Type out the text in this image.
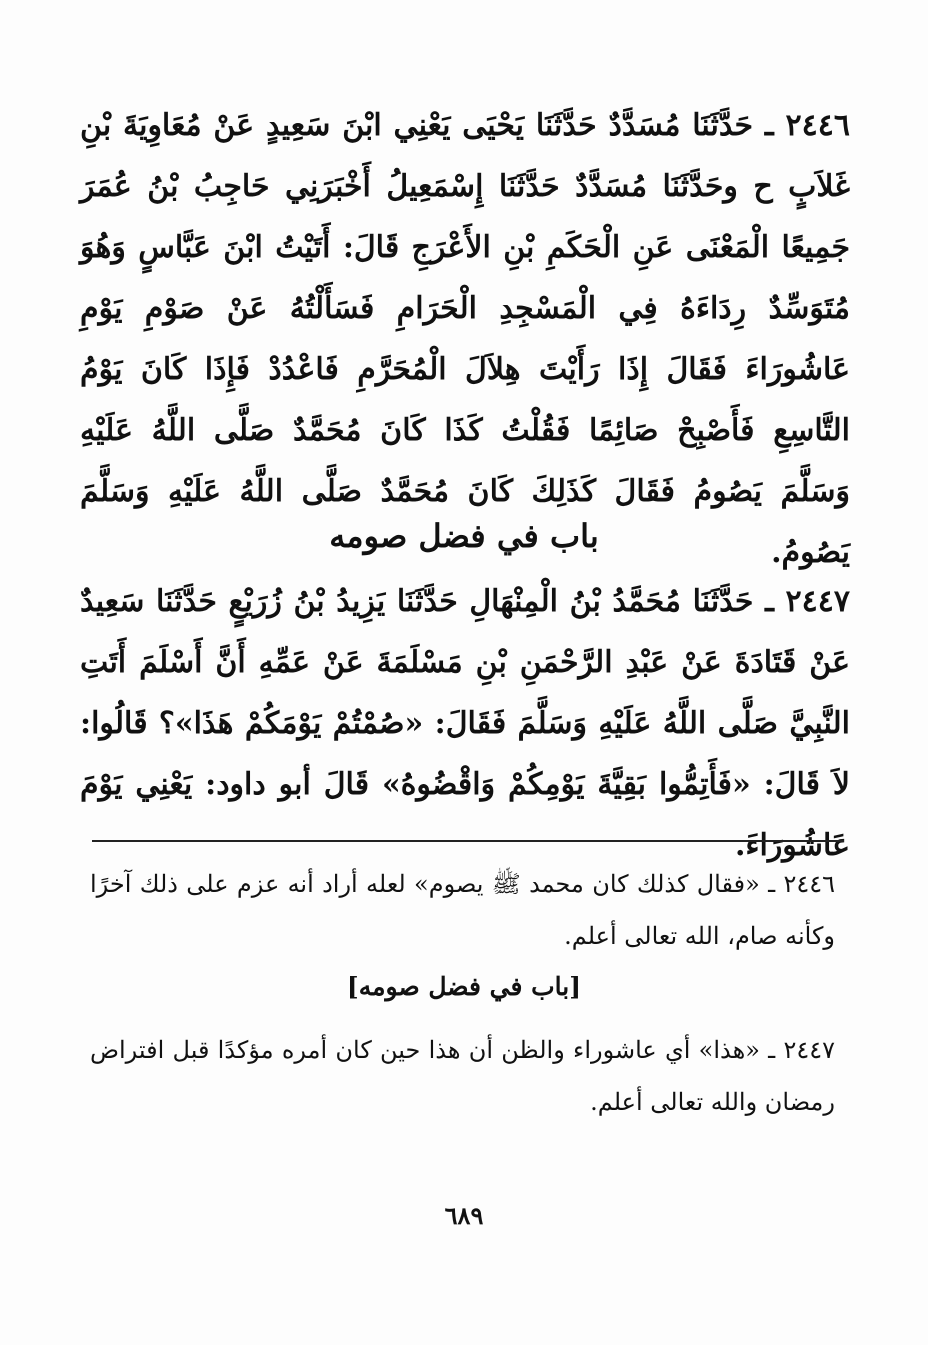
٢٤٤٦ ـ حَدَّثَنَا مُسَدَّدٌ حَدَّثَنَا يَحْيَى يَعْنِي ابْنَ سَعِيدٍ عَنْ مُعَاوِيَةَ بْنِ غَلاَبٍ ح وحَدَّثَنَا مُسَدَّدٌ حَدَّثَنَا إِسْمَعِيلُ أَخْبَرَنِي حَاجِبُ بْنُ عُمَرَ جَمِيعًا الْمَعْنَى عَنِ الْحَكَمِ بْنِ الأَعْرَجِ قَالَ: أَتَيْتُ ابْنَ عَبَّاسٍ وَهُوَ مُتَوَسِّدٌ رِدَاءَهُ فِي الْمَسْجِدِ الْحَرَامِ فَسَأَلْتُهُ عَنْ صَوْمِ يَوْمِ عَاشُورَاءَ فَقَالَ إِذَا رَأَيْتَ هِلاَلَ الْمُحَرَّمِ فَاعْدُدْ فَإِذَا كَانَ يَوْمُ التَّاسِعِ فَأَصْبِحْ صَائِمًا فَقُلْتُ كَذَا كَانَ مُحَمَّدٌ صَلَّى اللَّهُ عَلَيْهِ وَسَلَّمَ يَصُومُ فَقَالَ كَذَلِكَ كَانَ مُحَمَّدٌ صَلَّى اللَّهُ عَلَيْهِ وَسَلَّمَ يَصُومُ.
باب في فضل صومه
٢٤٤٧ ـ حَدَّثَنَا مُحَمَّدُ بْنُ الْمِنْهَالِ حَدَّثَنَا يَزِيدُ بْنُ زُرَيْعٍ حَدَّثَنَا سَعِيدٌ عَنْ قَتَادَةَ عَنْ عَبْدِ الرَّحْمَنِ بْنِ مَسْلَمَةَ عَنْ عَمِّهِ أَنَّ أَسْلَمَ أَتَتِ النَّبِيَّ صَلَّى اللَّهُ عَلَيْهِ وَسَلَّمَ فَقَالَ: «صُمْتُمْ يَوْمَكُمْ هَذَا»؟ قَالُوا: لاَ قَالَ: «فَأَتِمُّوا بَقِيَّةَ يَوْمِكُمْ وَاقْضُوهُ» قَالَ أبو داود: يَعْنِي يَوْمَ عَاشُورَاءَ.
٢٤٤٦ ـ «فقال كذلك كان محمد ﷺ يصوم» لعله أراد أنه عزم على ذلك آخرًا وكأنه صام، الله تعالى أعلم.
[باب في فضل صومه]
٢٤٤٧ ـ «هذا» أي عاشوراء والظن أن هذا حين كان أمره مؤكدًا قبل افتراض رمضان والله تعالى أعلم.
٦٨٩
